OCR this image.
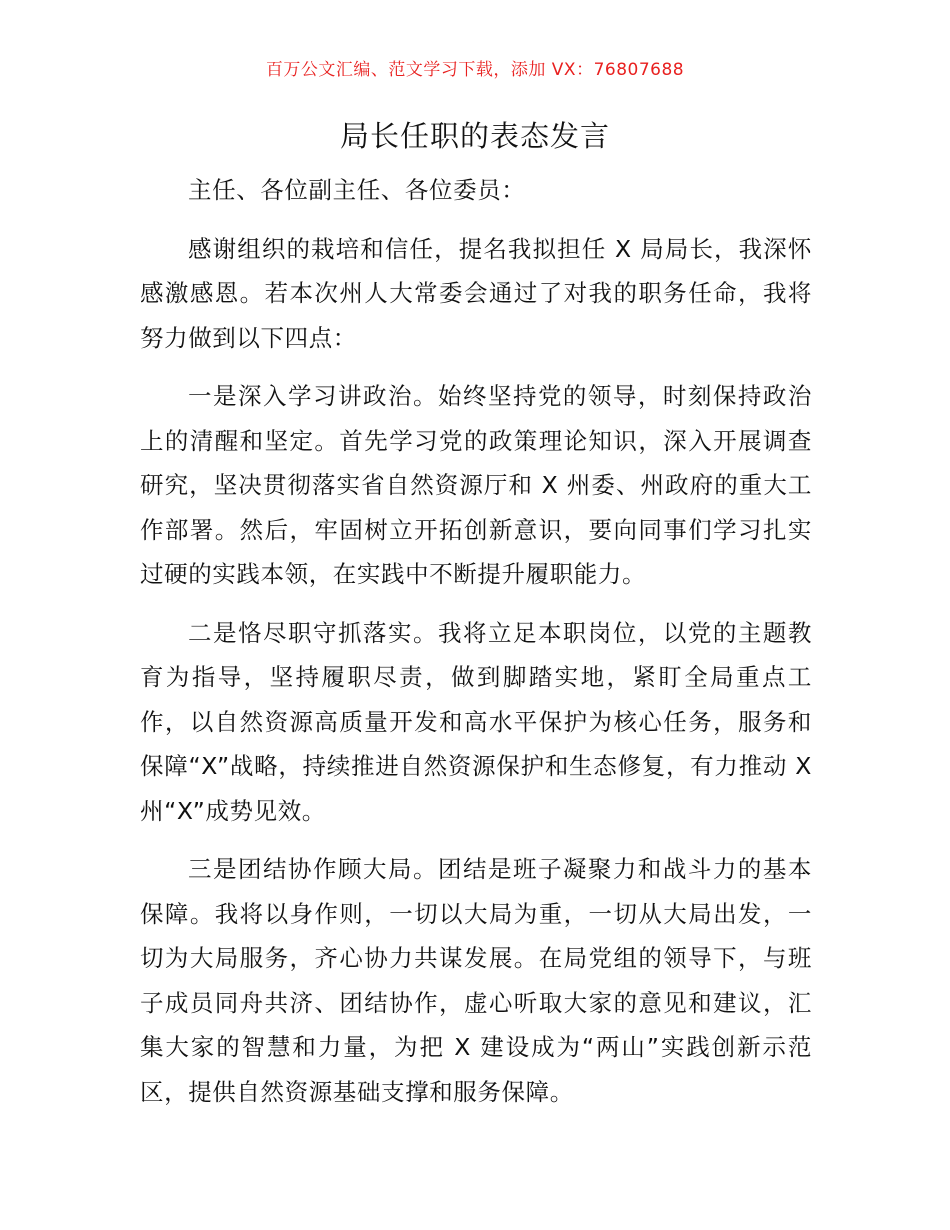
百万公文汇编、范文学习下载，添加 VX：76807688
局长任职的表态发言

主任、各位副主任、各位委员：

感谢组织的栽培和信任，提名我拟担任 X 局局长，我深怀感激感恩。若本次州人大常委会通过了对我的职务任命，我将努力做到以下四点：

一是深入学习讲政治。始终坚持党的领导，时刻保持政治上的清醒和坚定。首先学习党的政策理论知识，深入开展调查研究，坚决贯彻落实省自然资源厅和 X 州委、州政府的重大工作部署。然后，牢固树立开拓创新意识，要向同事们学习扎实过硬的实践本领，在实践中不断提升履职能力。

二是恪尽职守抓落实。我将立足本职岗位，以党的主题教育为指导，坚持履职尽责，做到脚踏实地，紧盯全局重点工作，以自然资源高质量开发和高水平保护为核心任务，服务和保障“X”战略，持续推进自然资源保护和生态修复，有力推动 X 州“X”成势见效。

三是团结协作顾大局。团结是班子凝聚力和战斗力的基本保障。我将以身作则，一切以大局为重，一切从大局出发，一切为大局服务，齐心协力共谋发展。在局党组的领导下，与班子成员同舟共济、团结协作，虚心听取大家的意见和建议，汇集大家的智慧和力量，为把 X 建设成为“两山”实践创新示范区，提供自然资源基础支撑和服务保障。
